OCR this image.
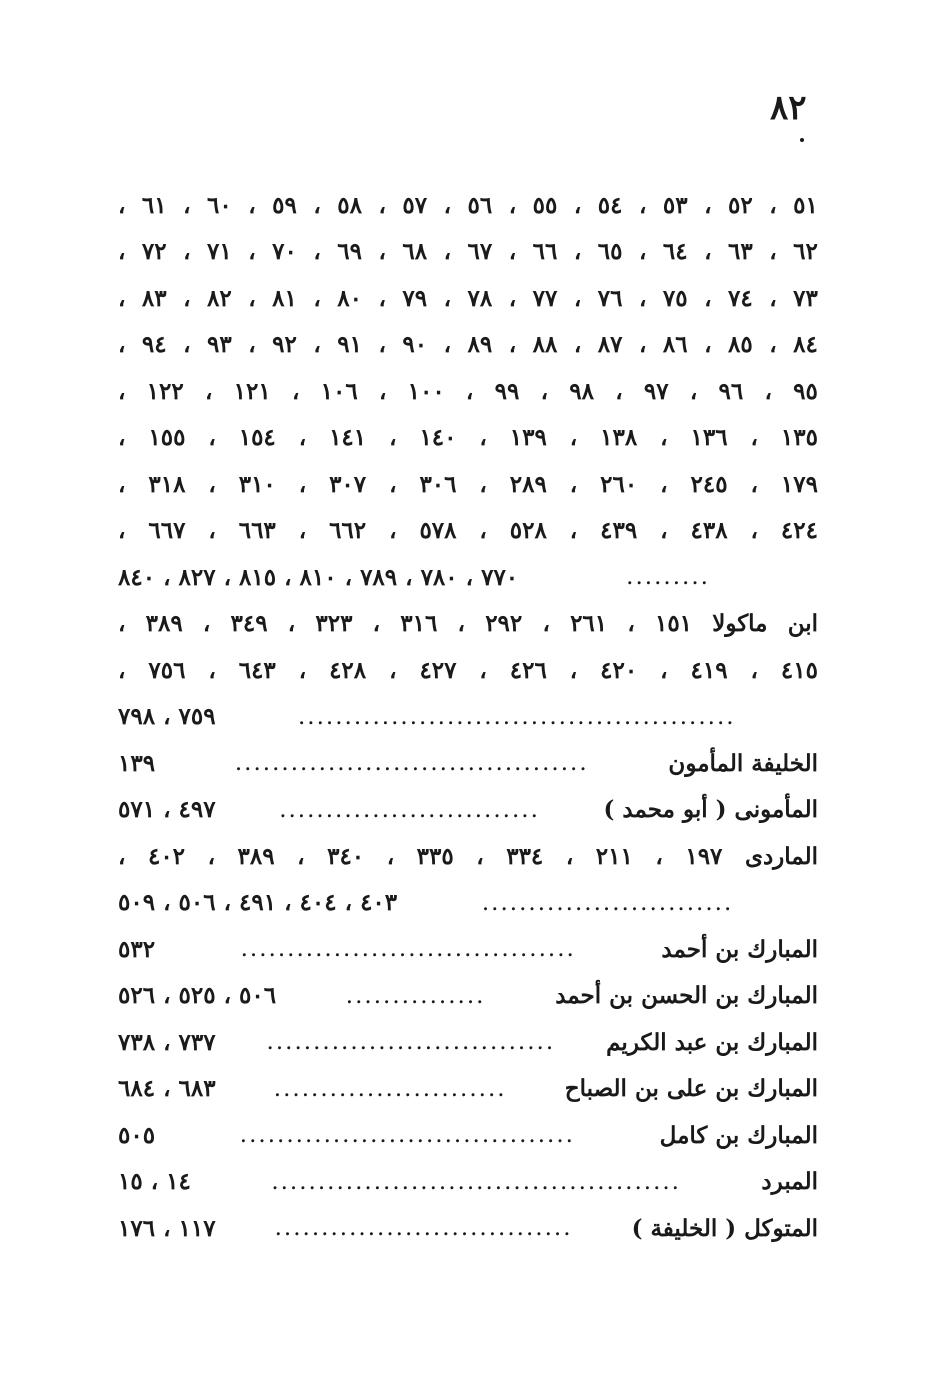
٨٢
٥١ ، ٥٢ ، ٥٣ ، ٥٤ ، ٥٥ ، ٥٦ ، ٥٧ ، ٥٨ ، ٥٩ ، ٦٠ ، ٦١ ،
٦٢ ، ٦٣ ، ٦٤ ، ٦٥ ، ٦٦ ، ٦٧ ، ٦٨ ، ٦٩ ، ٧٠ ، ٧١ ، ٧٢ ،
٧٣ ، ٧٤ ، ٧٥ ، ٧٦ ، ٧٧ ، ٧٨ ، ٧٩ ، ٨٠ ، ٨١ ، ٨٢ ، ٨٣ ،
٨٤ ، ٨٥ ، ٨٦ ، ٨٧ ، ٨٨ ، ٨٩ ، ٩٠ ، ٩١ ، ٩٢ ، ٩٣ ، ٩٤ ،
٩٥ ، ٩٦ ، ٩٧ ، ٩٨ ، ٩٩ ، ١٠٠ ، ١٠٦ ، ١٢١ ، ١٢٢ ،
١٣٥ ، ١٣٦ ، ١٣٨ ، ١٣٩ ، ١٤٠ ، ١٤١ ، ١٥٤ ، ١٥٥ ،
١٧٩ ، ٢٤٥ ، ٢٦٠ ، ٢٨٩ ، ٣٠٦ ، ٣٠٧ ، ٣١٠ ، ٣١٨ ،
٤٢٤ ، ٤٣٨ ، ٤٣٩ ، ٥٢٨ ، ٥٧٨ ، ٦٦٢ ، ٦٦٣ ، ٦٦٧ ،
.........
٧٧٠ ، ٧٨٠ ، ٧٨٩ ، ٨١٠ ، ٨١٥ ، ٨٢٧ ، ٨٤٠
ابن ماكولا ١٥١ ، ٢٦١ ، ٢٩٢ ، ٣١٦ ، ٣٢٣ ، ٣٤٩ ، ٣٨٩ ،
٤١٥ ، ٤١٩ ، ٤٢٠ ، ٤٢٦ ، ٤٢٧ ، ٤٢٨ ، ٦٤٣ ، ٧٥٦ ،
...............................................
٧٥٩ ، ٧٩٨
الخليفة المأمون
......................................
١٣٩
المأمونى ( أبو محمد )
............................
٤٩٧ ، ٥٧١
الماردى ١٩٧ ، ٢١١ ، ٣٣٤ ، ٣٣٥ ، ٣٤٠ ، ٣٨٩ ، ٤٠٢ ،
...........................
٤٠٣ ، ٤٠٤ ، ٤٩١ ، ٥٠٦ ، ٥٠٩
المبارك بن أحمد
....................................
٥٣٢
المبارك بن الحسن بن أحمد
...............
٥٠٦ ، ٥٢٥ ، ٥٢٦
المبارك بن عبد الكريم
...............................
٧٣٧ ، ٧٣٨
المبارك بن على بن الصباح
.........................
٦٨٣ ، ٦٨٤
المبارك بن كامل
....................................
٥٠٥
المبرد
............................................
١٤ ، ١٥
المتوكل ( الخليفة )
................................
١١٧ ، ١٧٦
